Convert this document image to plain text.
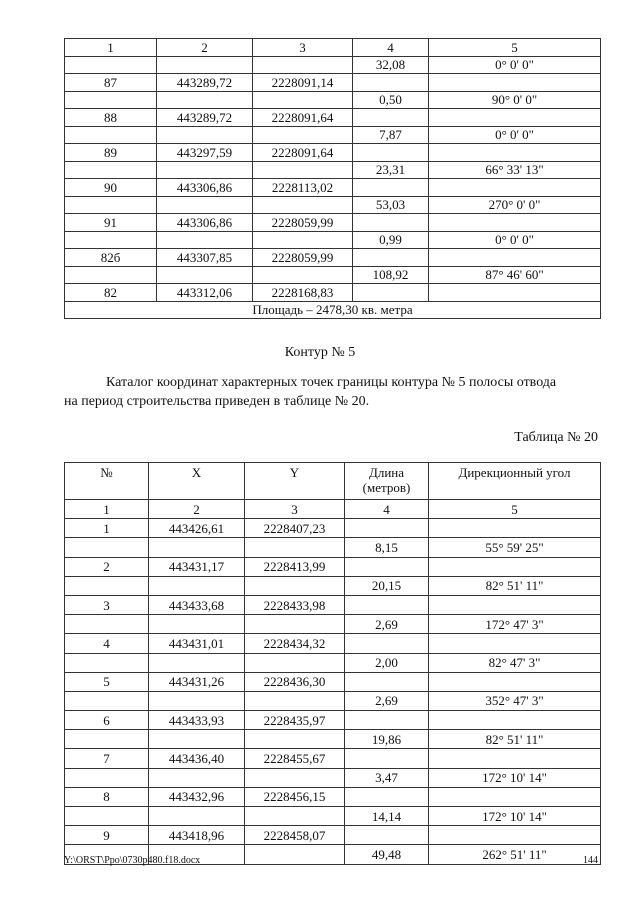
1	2	3	4	5
			32,08	0° 0' 0"
87	443289,72	2228091,14		
			0,50	90° 0' 0"
88	443289,72	2228091,64		
			7,87	0° 0' 0"
89	443297,59	2228091,64		
			23,31	66° 33' 13"
90	443306,86	2228113,02		
			53,03	270° 0' 0"
91	443306,86	2228059,99		
			0,99	0° 0' 0"
82б	443307,85	2228059,99		
			108,92	87° 46' 60"
82	443312,06	2228168,83		
Площадь – 2478,30 кв. метра				
Контур № 5
Каталог координат характерных точек границы контура № 5 полосы отвода
на период строительства приведен в таблице № 20.
Таблица № 20
№	X	Y	Длина (метров)	Дирекционный угол
1	2	3	4	5
1	443426,61	2228407,23		
			8,15	55° 59' 25"
2	443431,17	2228413,99		
			20,15	82° 51' 11"
3	443433,68	2228433,98		
			2,69	172° 47' 3"
4	443431,01	2228434,32		
			2,00	82° 47' 3"
5	443431,26	2228436,30		
			2,69	352° 47' 3"
6	443433,93	2228435,97		
			19,86	82° 51' 11"
7	443436,40	2228455,67		
			3,47	172° 10' 14"
8	443432,96	2228456,15		
			14,14	172° 10' 14"
9	443418,96	2228458,07		
			49,48	262° 51' 11"
Y:\ORST\Ppo\0730p480.f18.docx	144
